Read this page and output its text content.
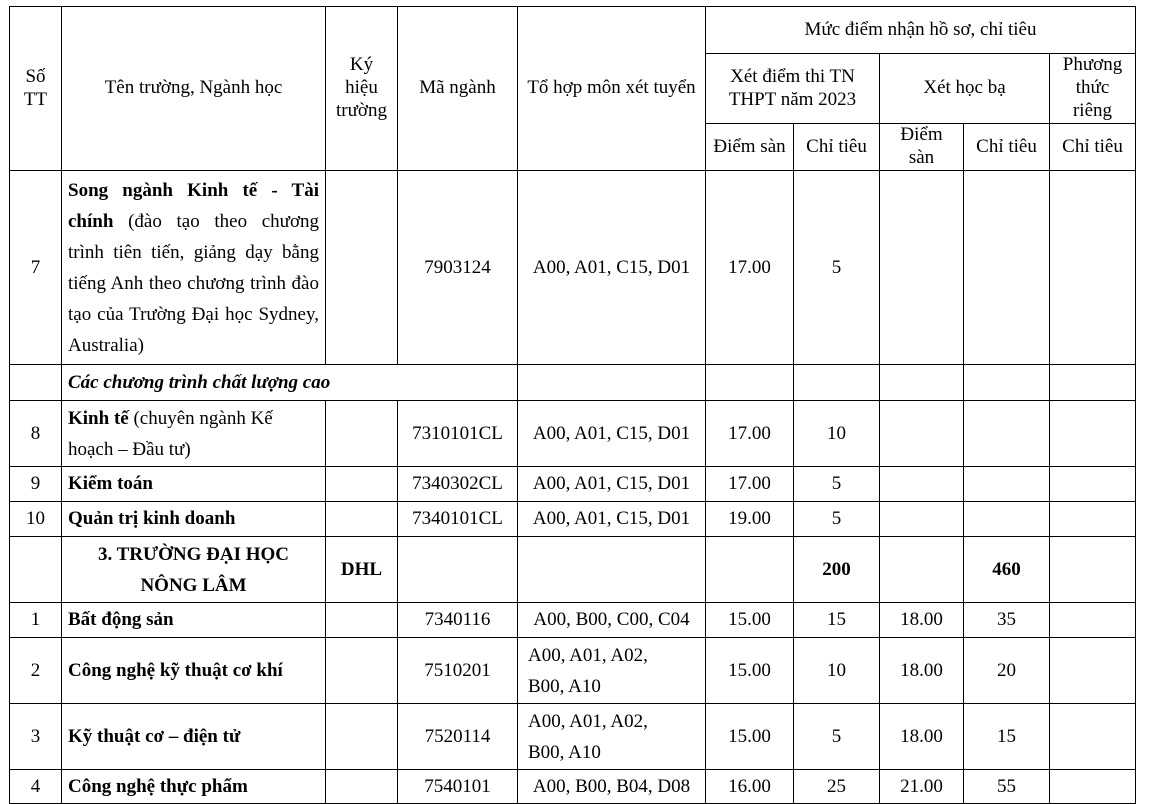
Số TT	Tên trường, Ngành học	Ký hiệu trường	Mã ngành	Tổ hợp môn xét tuyển	Mức điểm nhận hồ sơ, chỉ tiêu				
					Xét điểm thi TN THPT năm 2023		Xét học bạ		Phương thức riêng
					Điểm sàn	Chỉ tiêu	Điểm sàn	Chỉ tiêu	Chỉ tiêu
7	Song ngành Kinh tế - Tài chính (đào tạo theo chương trình tiên tiến, giảng dạy bằng tiếng Anh theo chương trình đào tạo của Trường Đại học Sydney, Australia)		7903124	A00, A01, C15, D01	17.00	5			
	Các chương trình chất lượng cao								
8	Kinh tế (chuyên ngành Kế hoạch – Đầu tư)		7310101CL	A00, A01, C15, D01	17.00	10			
9	Kiểm toán		7340302CL	A00, A01, C15, D01	17.00	5			
10	Quản trị kinh doanh		7340101CL	A00, A01, C15, D01	19.00	5			
	3. TRƯỜNG ĐẠI HỌC NÔNG LÂM	DHL				200		460	
1	Bất động sản		7340116	A00, B00, C00, C04	15.00	15	18.00	35	
2	Công nghệ kỹ thuật cơ khí		7510201	A00, A01, A02, B00, A10	15.00	10	18.00	20	
3	Kỹ thuật cơ – điện tử		7520114	A00, A01, A02, B00, A10	15.00	5	18.00	15	
4	Công nghệ thực phẩm		7540101	A00, B00, B04, D08	16.00	25	21.00	55	
